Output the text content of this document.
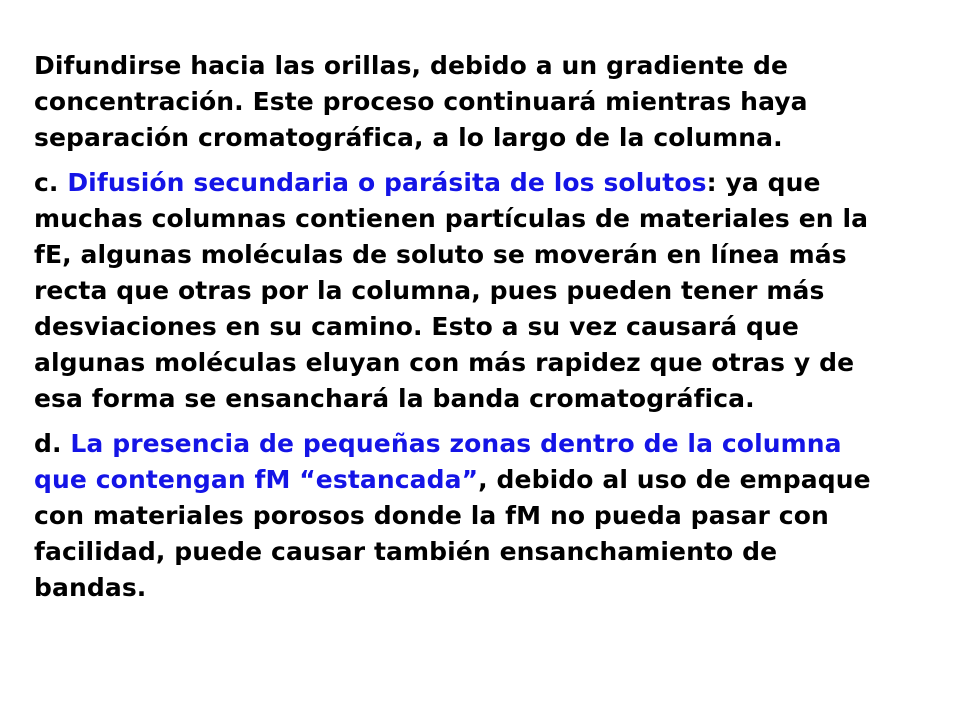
Difundirse hacia las orillas, debido a un gradiente de
concentración. Este proceso continuará mientras haya
separación cromatográfica, a lo largo de la columna.

c. Difusión secundaria o parásita de los solutos: ya que
muchas columnas contienen partículas de materiales en la
fE, algunas moléculas de soluto se moverán en línea más
recta que otras por la columna, pues pueden tener más
desviaciones en su camino. Esto a su vez causará que
algunas moléculas eluyan con más rapidez que otras y de
esa forma se ensanchará la banda cromatográfica.

d. La presencia de pequeñas zonas dentro de la columna
que contengan fM “estancada”, debido al uso de empaque
con materiales porosos donde la fM no pueda pasar con
facilidad, puede causar también ensanchamiento de
bandas.
